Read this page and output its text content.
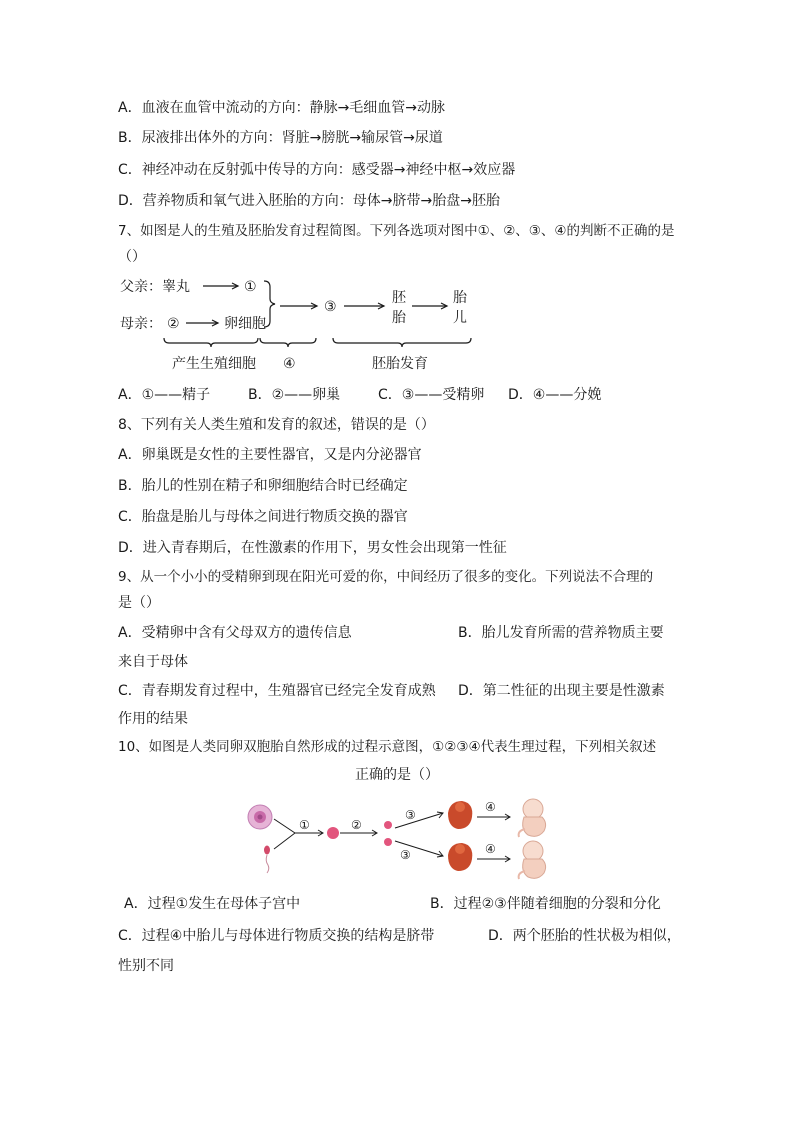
A．血液在血管中流动的方向：静脉→毛细血管→动脉
B．尿液排出体外的方向：肾脏→膀胱→输尿管→尿道
C．神经冲动在反射弧中传导的方向：感受器→神经中枢→效应器
D．营养物质和氧气进入胚胎的方向：母体→脐带→胎盘→胚胎
7、如图是人的生殖及胚胎发育过程简图。下列各选项对图中①、②、③、④的判断不正确的是
（）
父亲：睾丸
母亲： ②	卵细胞
①
③
胚
胎
胎
儿
产生生殖细胞 ④	胚胎发育
A．①——精子	B．②——卵巢	C．③——受精卵 D．④——分娩
8、下列有关人类生殖和发育的叙述，错误的是（）
A．卵巢既是女性的主要性器官，又是内分泌器官
B．胎儿的性别在精子和卵细胞结合时已经确定
C．胎盘是胎儿与母体之间进行物质交换的器官
D．进入青春期后，在性激素的作用下，男女性会出现第一性征
9、从一个小小的受精卵到现在阳光可爱的你，中间经历了很多的变化。下列说法不合理的
是（）
A．受精卵中含有父母双方的遗传信息	B．胎儿发育所需的营养物质主要
来自于母体
C．青春期发育过程中，生殖器官已经完全发育成熟 D．第二性征的出现主要是性激素
作用的结果
10、如图是人类同卵双胞胎自然形成的过程示意图，①②③④代表生理过程，下列相关叙述
正确的是（）
①	②
③
③
④
④
A．过程①发生在母体子宫中	B．过程②③伴随着细胞的分裂和分化
C．过程④中胎儿与母体进行物质交换的结构是脐带	D．两个胚胎的性状极为相似，
性别不同
